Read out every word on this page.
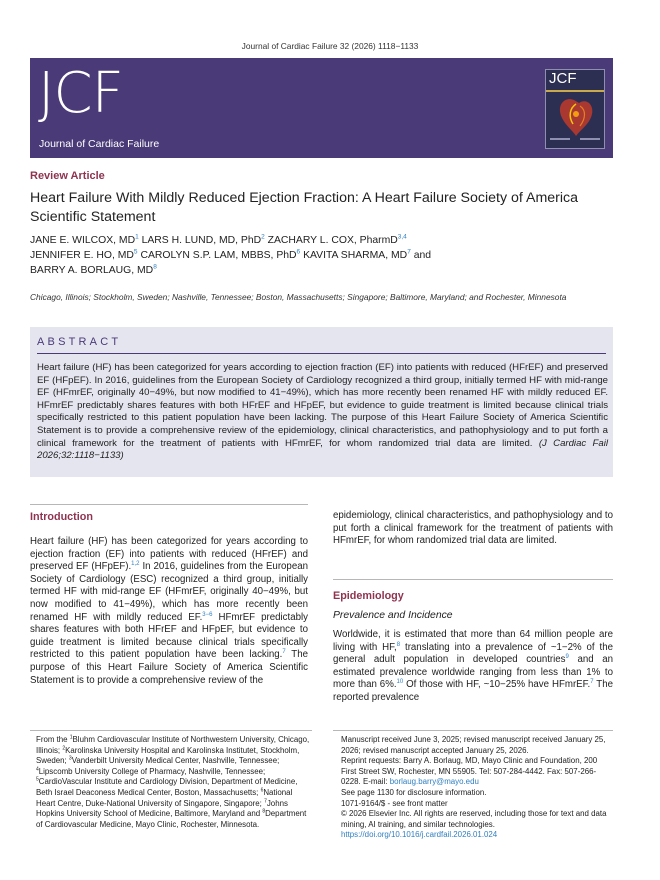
Journal of Cardiac Failure 32 (2026) 1118−1133
JCF
Journal of Cardiac Failure
JCF
Review Article
Heart Failure With Mildly Reduced Ejection Fraction: A Heart Failure Society of America Scientific Statement
JANE E. WILCOX, $MD^1$ LARS H. LUND, MD, PhD$^2$ ZACHARY L. COX, PharmD$^{3,4}$
JENNIFER E. HO, $MD^5$ CAROLYN S.P. LAM, MBBS, PhD$^6$ KAVITA SHARMA, $MD^7$ and
BARRY A. BORLAUG, $MD^8$
Chicago, Illinois; Stockholm, Sweden; Nashville, Tennessee; Boston, Massachusetts; Singapore; Baltimore, Maryland; and Rochester, Minnesota
ABSTRACT
Heart failure (HF) has been categorized for years according to ejection fraction (EF) into patients with reduced (HFrEF) and preserved EF (HFpEF). In 2016, guidelines from the European Society of Cardiology recognized a third group, initially termed HF with mid-range EF (HFmrEF, originally 40−49%, but now modified to 41−49%), which has more recently been renamed HF with mildly reduced EF. HFmrEF predictably shares features with both HFrEF and HFpEF, but evidence to guide treatment is limited because clinical trials specifically restricted to this patient population have been lacking. The purpose of this Heart Failure Society of America Scientific Statement is to provide a comprehensive review of the epidemiology, clinical characteristics, and pathophysiology and to put forth a clinical framework for the treatment of patients with HFmrEF, for whom randomized trial data are limited. (J Cardiac Fail 2026;32:1118−1133)
Introduction
Heart failure (HF) has been categorized for years according to ejection fraction (EF) into patients with reduced (HFrEF) and preserved EF (HFpEF).$^{1,2}$ In 2016, guidelines from the European Society of Cardiology (ESC) recognized a third group, initially termed HF with mid-range EF (HFmrEF, originally 40−49%, but now modified to 41−49%), which has more recently been renamed HF with mildly reduced EF.$^{3-6}$ HFmrEF predictably shares features with both HFrEF and HFpEF, but evidence to guide treatment is limited because clinical trials specifically restricted to this patient population have been lacking.$^7$ The purpose of this Heart Failure Society of America Scientific Statement is to provide a comprehensive review of the
epidemiology, clinical characteristics, and pathophysiology and to put forth a clinical framework for the treatment of patients with HFmrEF, for whom randomized trial data are limited.
Epidemiology
Prevalence and Incidence
Worldwide, it is estimated that more than 64 million people are living with HF,$^8$ translating into a prevalence of ~1−2% of the general adult population in developed countries$^9$ and an estimated prevalence worldwide ranging from less than 1% to more than 6%.$^{10}$ Of those with HF, ~10−25% have HFmrEF.$^7$ The reported prevalence
From the $^1$Bluhm Cardiovascular Institute of Northwestern University, Chicago, Illinois; $^2$Karolinska University Hospital and Karolinska Institutet, Stockholm, Sweden; $^3$Vanderbilt University Medical Center, Nashville, Tennessee; $^4$Lipscomb University College of Pharmacy, Nashville, Tennessee; $^5$CardioVascular Institute and Cardiology Division, Department of Medicine, Beth Israel Deaconess Medical Center, Boston, Massachusetts; $^6$National Heart Centre, Duke-National University of Singapore, Singapore; $^7$Johns Hopkins University School of Medicine, Baltimore, Maryland and $^8$Department of Cardiovascular Medicine, Mayo Clinic, Rochester, Minnesota.

Manuscript received June 3, 2025; revised manuscript received January 25, 2026; revised manuscript accepted January 25, 2026.

Reprint requests: Barry A. Borlaug, MD, Mayo Clinic and Foundation, 200 First Street SW, Rochester, MN 55905. Tel: 507-284-4442. Fax: 507-266-0228. E-mail: borlaug.barry@mayo.edu

See page 1130 for disclosure information.

1071-9164/$ - see front matter

© 2026 Elsevier Inc. All rights are reserved, including those for text and data mining, AI training, and similar technologies.

https://doi.org/10.1016/j.cardfail.2026.01.024
